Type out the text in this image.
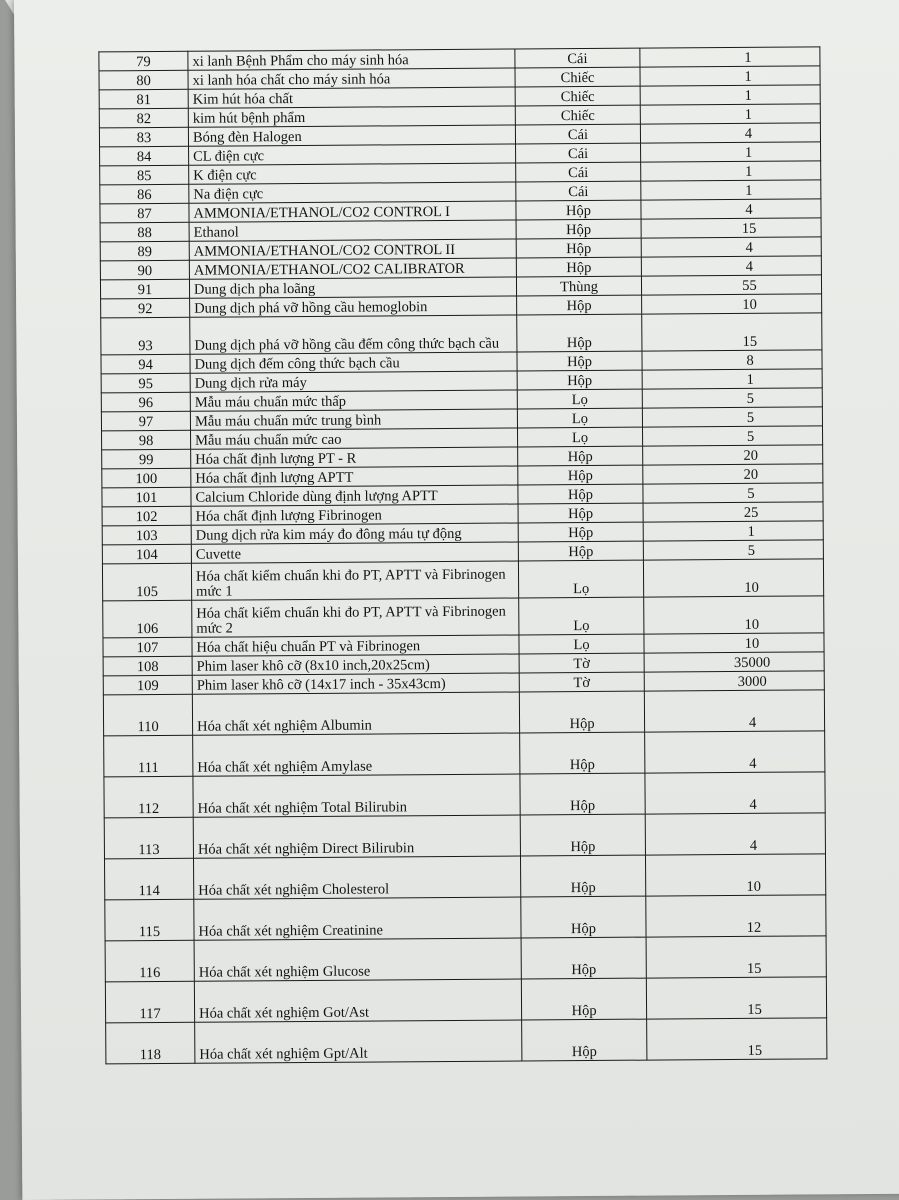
79	xi lanh Bệnh Phẩm cho máy sinh hóa	Cái	1
80	xi lanh hóa chất cho máy sinh hóa	Chiếc	1
81	Kim hút hóa chất	Chiếc	1
82	kim hút bệnh phẩm	Chiếc	1
83	Bóng đèn Halogen	Cái	4
84	CL điện cực	Cái	1
85	K điện cực	Cái	1
86	Na điện cực	Cái	1
87	AMMONIA/ETHANOL/CO2 CONTROL I	Hộp	4
88	Ethanol	Hộp	15
89	AMMONIA/ETHANOL/CO2 CONTROL II	Hộp	4
90	AMMONIA/ETHANOL/CO2 CALIBRATOR	Hộp	4
91	Dung dịch pha loãng	Thùng	55
92	Dung dịch phá vỡ hồng cầu hemoglobin	Hộp	10
93	Dung dịch phá vỡ hồng cầu đếm công thức bạch cầu	Hộp	15
94	Dung dịch đếm công thức bạch cầu	Hộp	8
95	Dung dịch rửa máy	Hộp	1
96	Mẫu máu chuẩn mức thấp	Lọ	5
97	Mẫu máu chuẩn mức trung bình	Lọ	5
98	Mẫu máu chuẩn mức cao	Lọ	5
99	Hóa chất định lượng PT - R	Hộp	20
100	Hóa chất định lượng APTT	Hộp	20
101	Calcium Chloride dùng định lượng APTT	Hộp	5
102	Hóa chất định lượng Fibrinogen	Hộp	25
103	Dung dịch rửa kim máy đo đông máu tự động	Hộp	1
104	Cuvette	Hộp	5
105	Hóa chất kiểm chuẩn khi đo PT, APTT và Fibrinogen mức 1	Lọ	10
106	Hóa chất kiểm chuẩn khi đo PT, APTT và Fibrinogen mức 2	Lọ	10
107	Hóa chất hiệu chuẩn PT và Fibrinogen	Lọ	10
108	Phim laser khô cỡ (8x10 inch,20x25cm)	Tờ	35000
109	Phim laser khô cỡ (14x17 inch - 35x43cm)	Tờ	3000
110	Hóa chất xét nghiệm Albumin	Hộp	4
111	Hóa chất xét nghiệm Amylase	Hộp	4
112	Hóa chất xét nghiệm Total Bilirubin	Hộp	4
113	Hóa chất xét nghiệm Direct Bilirubin	Hộp	4
114	Hóa chất xét nghiệm Cholesterol	Hộp	10
115	Hóa chất xét nghiệm Creatinine	Hộp	12
116	Hóa chất xét nghiệm Glucose	Hộp	15
117	Hóa chất xét nghiệm Got/Ast	Hộp	15
118	Hóa chất xét nghiệm Gpt/Alt	Hộp	15
